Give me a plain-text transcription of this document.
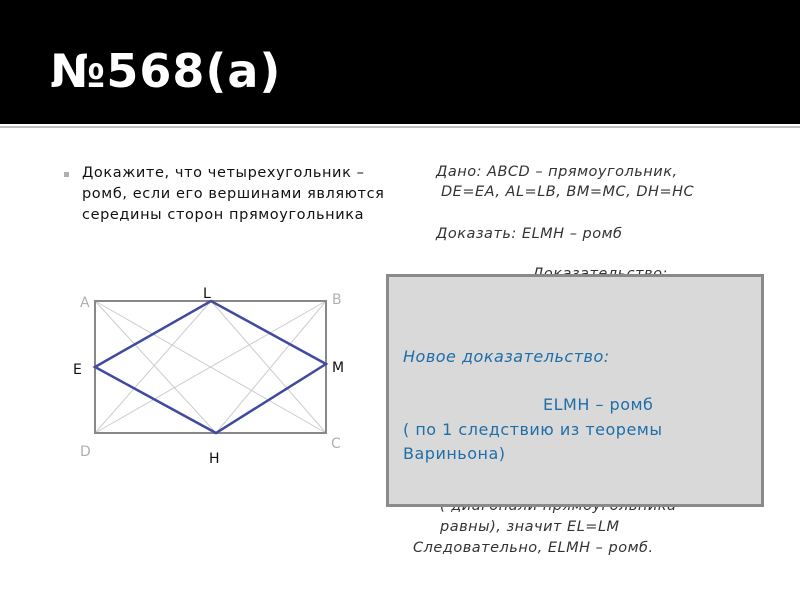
№568(а)
Докажите, что четырехугольник – ромб, если его вершинами являются середины сторон прямоугольника
Дано: ABCD – прямоугольник,
DE=EA, AL=LB, BM=MC, DH=HC
Доказать: ELMH – ромб
равны), значит EL=LM
Следовательно, ELMH – ромб.
A	B
C
D
E
L
M
H
Новое доказательство:
ELMH – ромб
( по 1 следствию из теоремы Вариньона)
